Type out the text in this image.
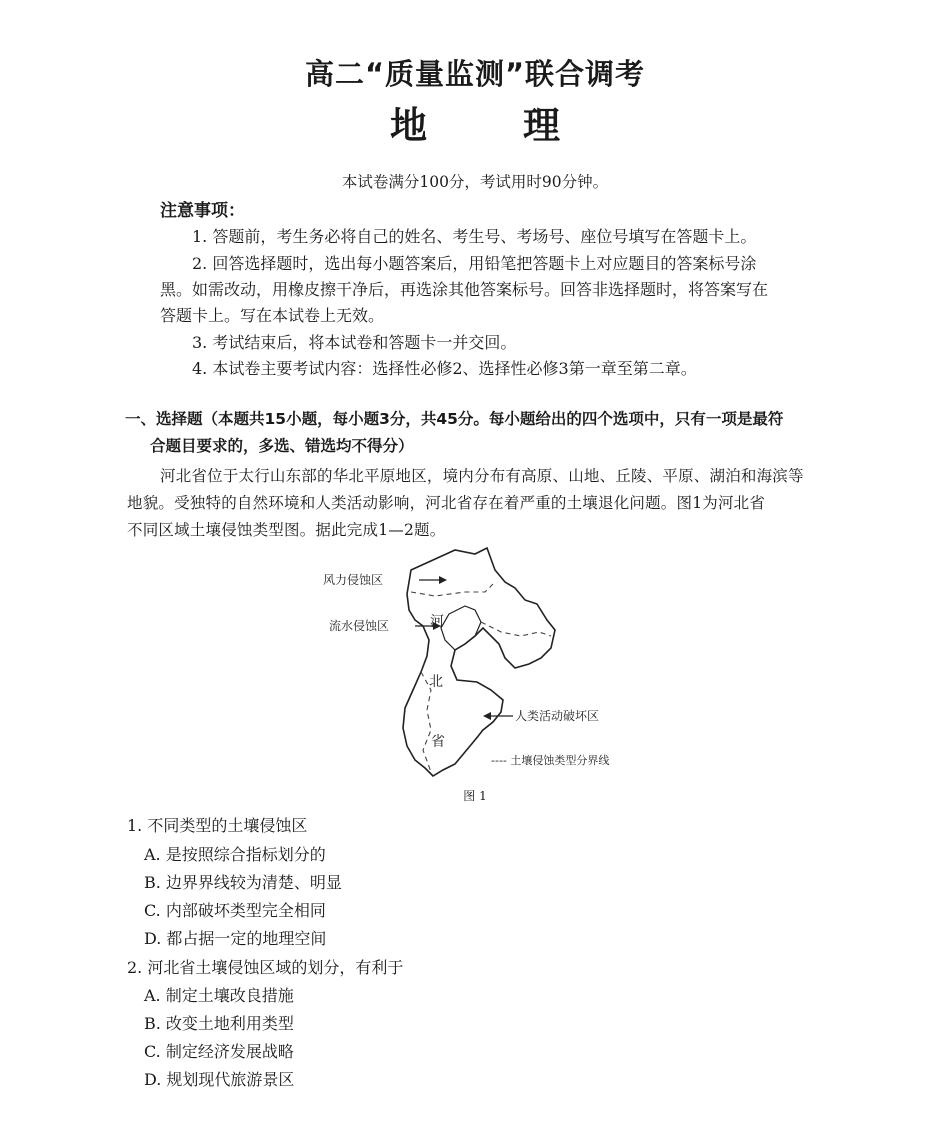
高二“质量监测”联合调考
地	理
本试卷满分100分，考试用时90分钟。
注意事项：
1. 答题前，考生务必将自己的姓名、考生号、考场号、座位号填写在答题卡上。
2. 回答选择题时，选出每小题答案后，用铅笔把答题卡上对应题目的答案标号涂
黑。如需改动，用橡皮擦干净后，再选涂其他答案标号。回答非选择题时，将答案写在
答题卡上。写在本试卷上无效。
3. 考试结束后，将本试卷和答题卡一并交回。
4. 本试卷主要考试内容：选择性必修2、选择性必修3第一章至第二章。
一、选择题（本题共15小题，每小题3分，共45分。每小题给出的四个选项中，只有一项是最符
合题目要求的，多选、错选均不得分）
河北省位于太行山东部的华北平原地区，境内分布有高原、山地、丘陵、平原、湖泊和海滨等
地貌。受独特的自然环境和人类活动影响，河北省存在着严重的土壤退化问题。图1为河北省
不同区域土壤侵蚀类型图。据此完成1—2题。
风力侵蚀区
流水侵蚀区
人类活动破坏区
河
北
省
---- 土壤侵蚀类型分界线
图 1
1. 不同类型的土壤侵蚀区
A. 是按照综合指标划分的
B. 边界界线较为清楚、明显
C. 内部破坏类型完全相同
D. 都占据一定的地理空间
2. 河北省土壤侵蚀区域的划分，有利于
A. 制定土壤改良措施
B. 改变土地利用类型
C. 制定经济发展战略
D. 规划现代旅游景区
